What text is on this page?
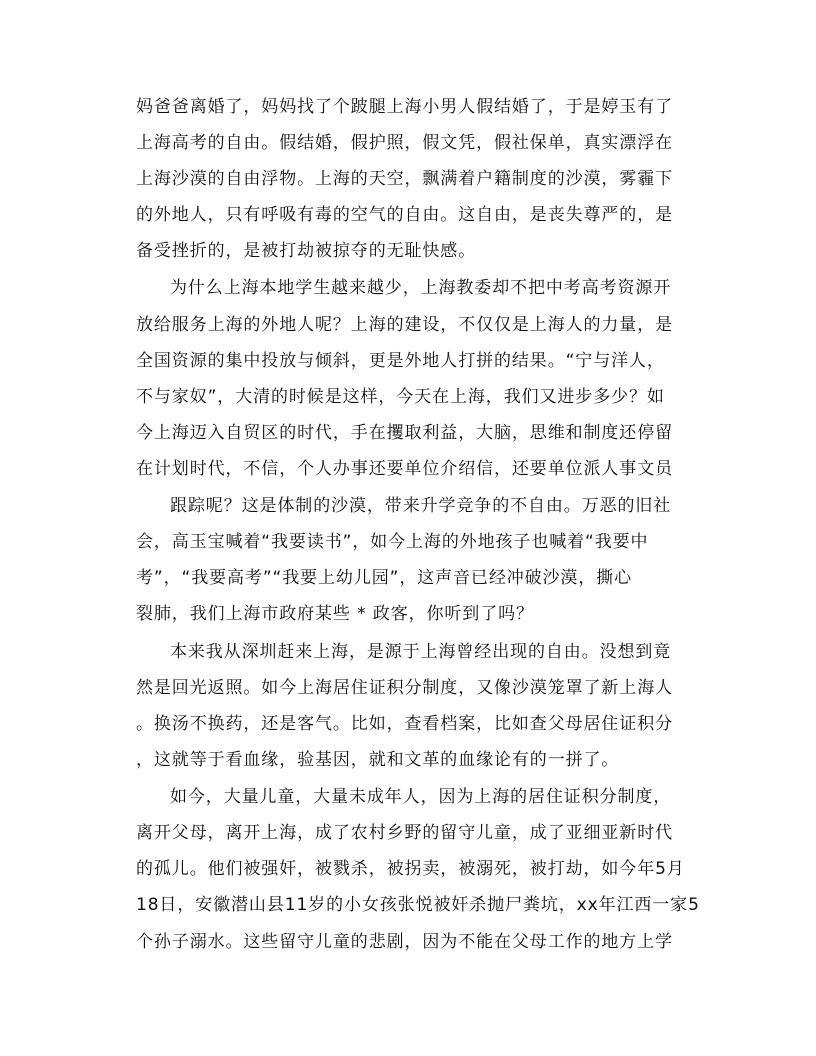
妈爸爸离婚了，妈妈找了个跛腿上海小男人假结婚了，于是婷玉有了
上海高考的自由。假结婚，假护照，假文凭，假社保单，真实漂浮在
上海沙漠的自由浮物。上海的天空，飘满着户籍制度的沙漠，雾霾下
的外地人，只有呼吸有毒的空气的自由。这自由，是丧失尊严的，是
备受挫折的，是被打劫被掠夺的无耻快感。
为什么上海本地学生越来越少，上海教委却不把中考高考资源开
放给服务上海的外地人呢？上海的建设，不仅仅是上海人的力量，是
全国资源的集中投放与倾斜，更是外地人打拼的结果。“宁与洋人，
不与家奴”，大清的时候是这样，今天在上海，我们又进步多少？如
今上海迈入自贸区的时代，手在攫取利益，大脑，思维和制度还停留
在计划时代，不信，个人办事还要单位介绍信，还要单位派人事文员
跟踪呢？这是体制的沙漠，带来升学竞争的不自由。万恶的旧社
会，高玉宝喊着“我要读书”，如今上海的外地孩子也喊着“我要中
考”，“我要高考”“我要上幼儿园”，这声音已经冲破沙漠，撕心
裂肺，我们上海市政府某些 * 政客，你听到了吗？
本来我从深圳赶来上海，是源于上海曾经出现的自由。没想到竟
然是回光返照。如今上海居住证积分制度，又像沙漠笼罩了新上海人
。换汤不换药，还是客气。比如，查看档案，比如查父母居住证积分
，这就等于看血缘，验基因，就和文革的血缘论有的一拼了。
如今，大量儿童，大量未成年人，因为上海的居住证积分制度，
离开父母，离开上海，成了农村乡野的留守儿童，成了亚细亚新时代
的孤儿。他们被强奸，被戮杀，被拐卖，被溺死，被打劫，如今年5月
18日，安徽潜山县11岁的小女孩张悦被奸杀抛尸粪坑，xx年江西一家5
个孙子溺水。这些留守儿童的悲剧，因为不能在父母工作的地方上学
